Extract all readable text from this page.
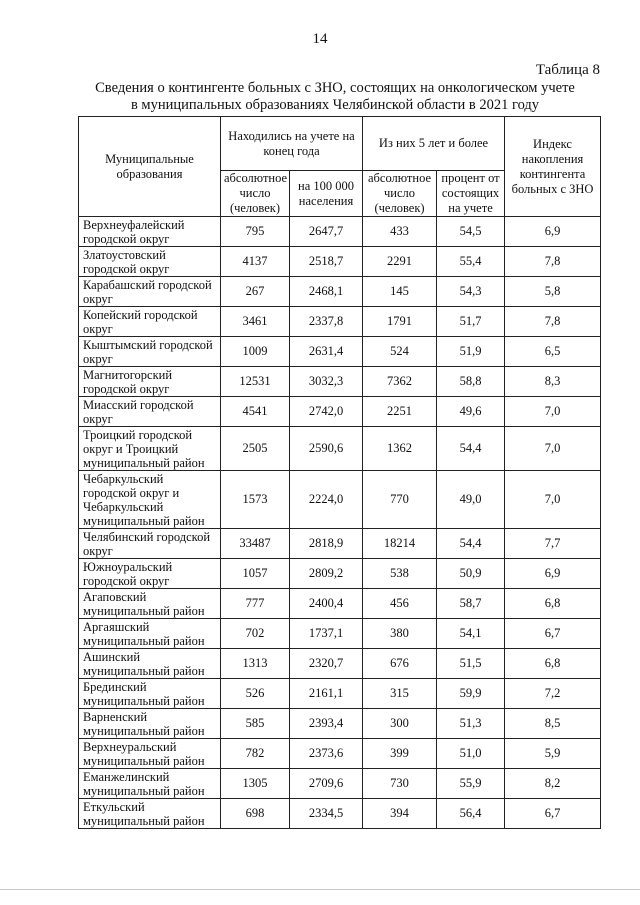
14
Таблица 8
Сведения о контингенте больных с ЗНО, состоящих на онкологическом учете
в муниципальных образованиях Челябинской области в 2021 году
Муниципальные образования	Находились на учете на конец года		Из них 5 лет и более		Индекс накопления контингента больных с ЗНО
	абсолютное число (человек)	на 100 000 населения	абсолютное число (человек)	процент от состоящих на учете	
Верхнеуфалейский городской округ	795	2647,7	433	54,5	6,9
Златоустовский городской округ	4137	2518,7	2291	55,4	7,8
Карабашский городской округ	267	2468,1	145	54,3	5,8
Копейский городской округ	3461	2337,8	1791	51,7	7,8
Кыштымский городской округ	1009	2631,4	524	51,9	6,5
Магнитогорский городской округ	12531	3032,3	7362	58,8	8,3
Миасский городской округ	4541	2742,0	2251	49,6	7,0
Троицкий городской округ и Троицкий муниципальный район	2505	2590,6	1362	54,4	7,0
Чебаркульский городской округ и Чебаркульский муниципальный район	1573	2224,0	770	49,0	7,0
Челябинский городской округ	33487	2818,9	18214	54,4	7,7
Южноуральский городской округ	1057	2809,2	538	50,9	6,9
Агаповский муниципальный район	777	2400,4	456	58,7	6,8
Аргаяшский муниципальный район	702	1737,1	380	54,1	6,7
Ашинский муниципальный район	1313	2320,7	676	51,5	6,8
Брединский муниципальный район	526	2161,1	315	59,9	7,2
Варненский муниципальный район	585	2393,4	300	51,3	8,5
Верхнеуральский муниципальный район	782	2373,6	399	51,0	5,9
Еманжелинский муниципальный район	1305	2709,6	730	55,9	8,2
Еткульский муниципальный район	698	2334,5	394	56,4	6,7
